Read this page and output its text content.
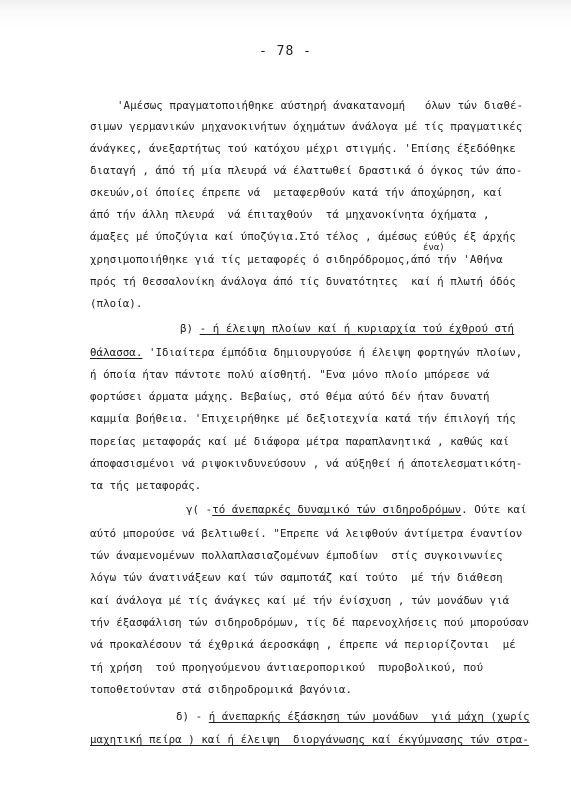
- 78 -
'Αμέσως πραγματοποιήθηκε αύστηρή άνακατανομή   όλων τών διαθέ-
σιμων γερμανικών μηχανοκινήτων όχημάτων άνάλογα μέ τίς πραγματικές
άνάγκες, άνεξαρτήτως τού κατόχου μέχρι στιγμής. 'Επίσης έξεδόθηκε
διαταγή , άπό τή μία πλευρά νά έλαττωθεί δραστικά ό όγκος τών άπο-
σκευών,οί όποίες έπρεπε νά  μεταφερθούν κατά τήν άποχώρηση, καί
άπό τήν άλλη πλευρά  νά έπιταχθούν  τά μηχανοκίνητα όχήματα ,
άμαξες μέ ύποζύγια καί ύποζύγια.Στό τέλος , άμέσως εύθύς έξ άρχής
ένα)
χρησιμοποιήθηκε γιά τίς μεταφορές ό σιδηρόδρομος,άπό τήν 'Αθήνα
πρός τή Θεσσαλονίκη άνάλογα άπό τίς δυνατότητες  καί ή πλωτή όδός
(πλοία).
β) - ή έλειψη πλοίων καί ή κυριαρχία τού έχθρού στή
θάλασσα. 'Ιδιαίτερα έμπόδια δημιουργούσε ή έλειψη φορτηγών πλοίων,
ή όποία ήταν πάντοτε πολύ αίσθητή. "Ενα μόνο πλοίο μπόρεσε νά
φορτώσει άρματα μάχης. Βεβαίως, στό θέμα αύτό δέν ήταν δυνατή
καμμία βοήθεια. 'Επιχειρήθηκε μέ δεξιοτεχνία κατά τήν έπιλογή τής
πορείας μεταφοράς καί μέ διάφορα μέτρα παραπλανητικά , καθώς καί
άποφασισμένοι νά ριψοκινδυνεύσουν , νά αύξηθεί ή άποτελεσματικότη-
τα τής μεταφοράς.
γ( -τό άνεπαρκές δυναμικό τών σιδηροδρόμων. Ούτε καί
αύτό μπορούσε νά βελτιωθεί. "Επρεπε νά λειφθούν άντίμετρα έναντίον
τών άναμενομένων πολλαπλασιαζομένων έμποδίων  στίς συγκοινωνίες
λόγω τών άνατινάξεων καί τών σαμποτάζ καί τούτο  μέ τήν διάθεση
καί άνάλογα μέ τίς άνάγκες καί μέ τήν ένίσχυση , τών μονάδων γιά
τήν έξασφάλιση τών σιδηροδρόμων, τίς δέ παρενοχλήσεις πού μπορούσαν
νά προκαλέσουν τά έχθρικά άεροσκάφη , έπρεπε νά περιορίζονται  μέ
τή χρήση  τού προηγούμενου άντιαεροπορικού  πυροβολικού, πού
τοποθετούνταν στά σιδηροδρομικά βαγόνια.
δ) - ή άνεπαρκής έξάσκηση τών μονάδων  γιά μάχη (χωρίς
μαχητική πείρα ) καί ή έλειψη  διοργάνωσης καί έκγύμνασης τών στρα-
